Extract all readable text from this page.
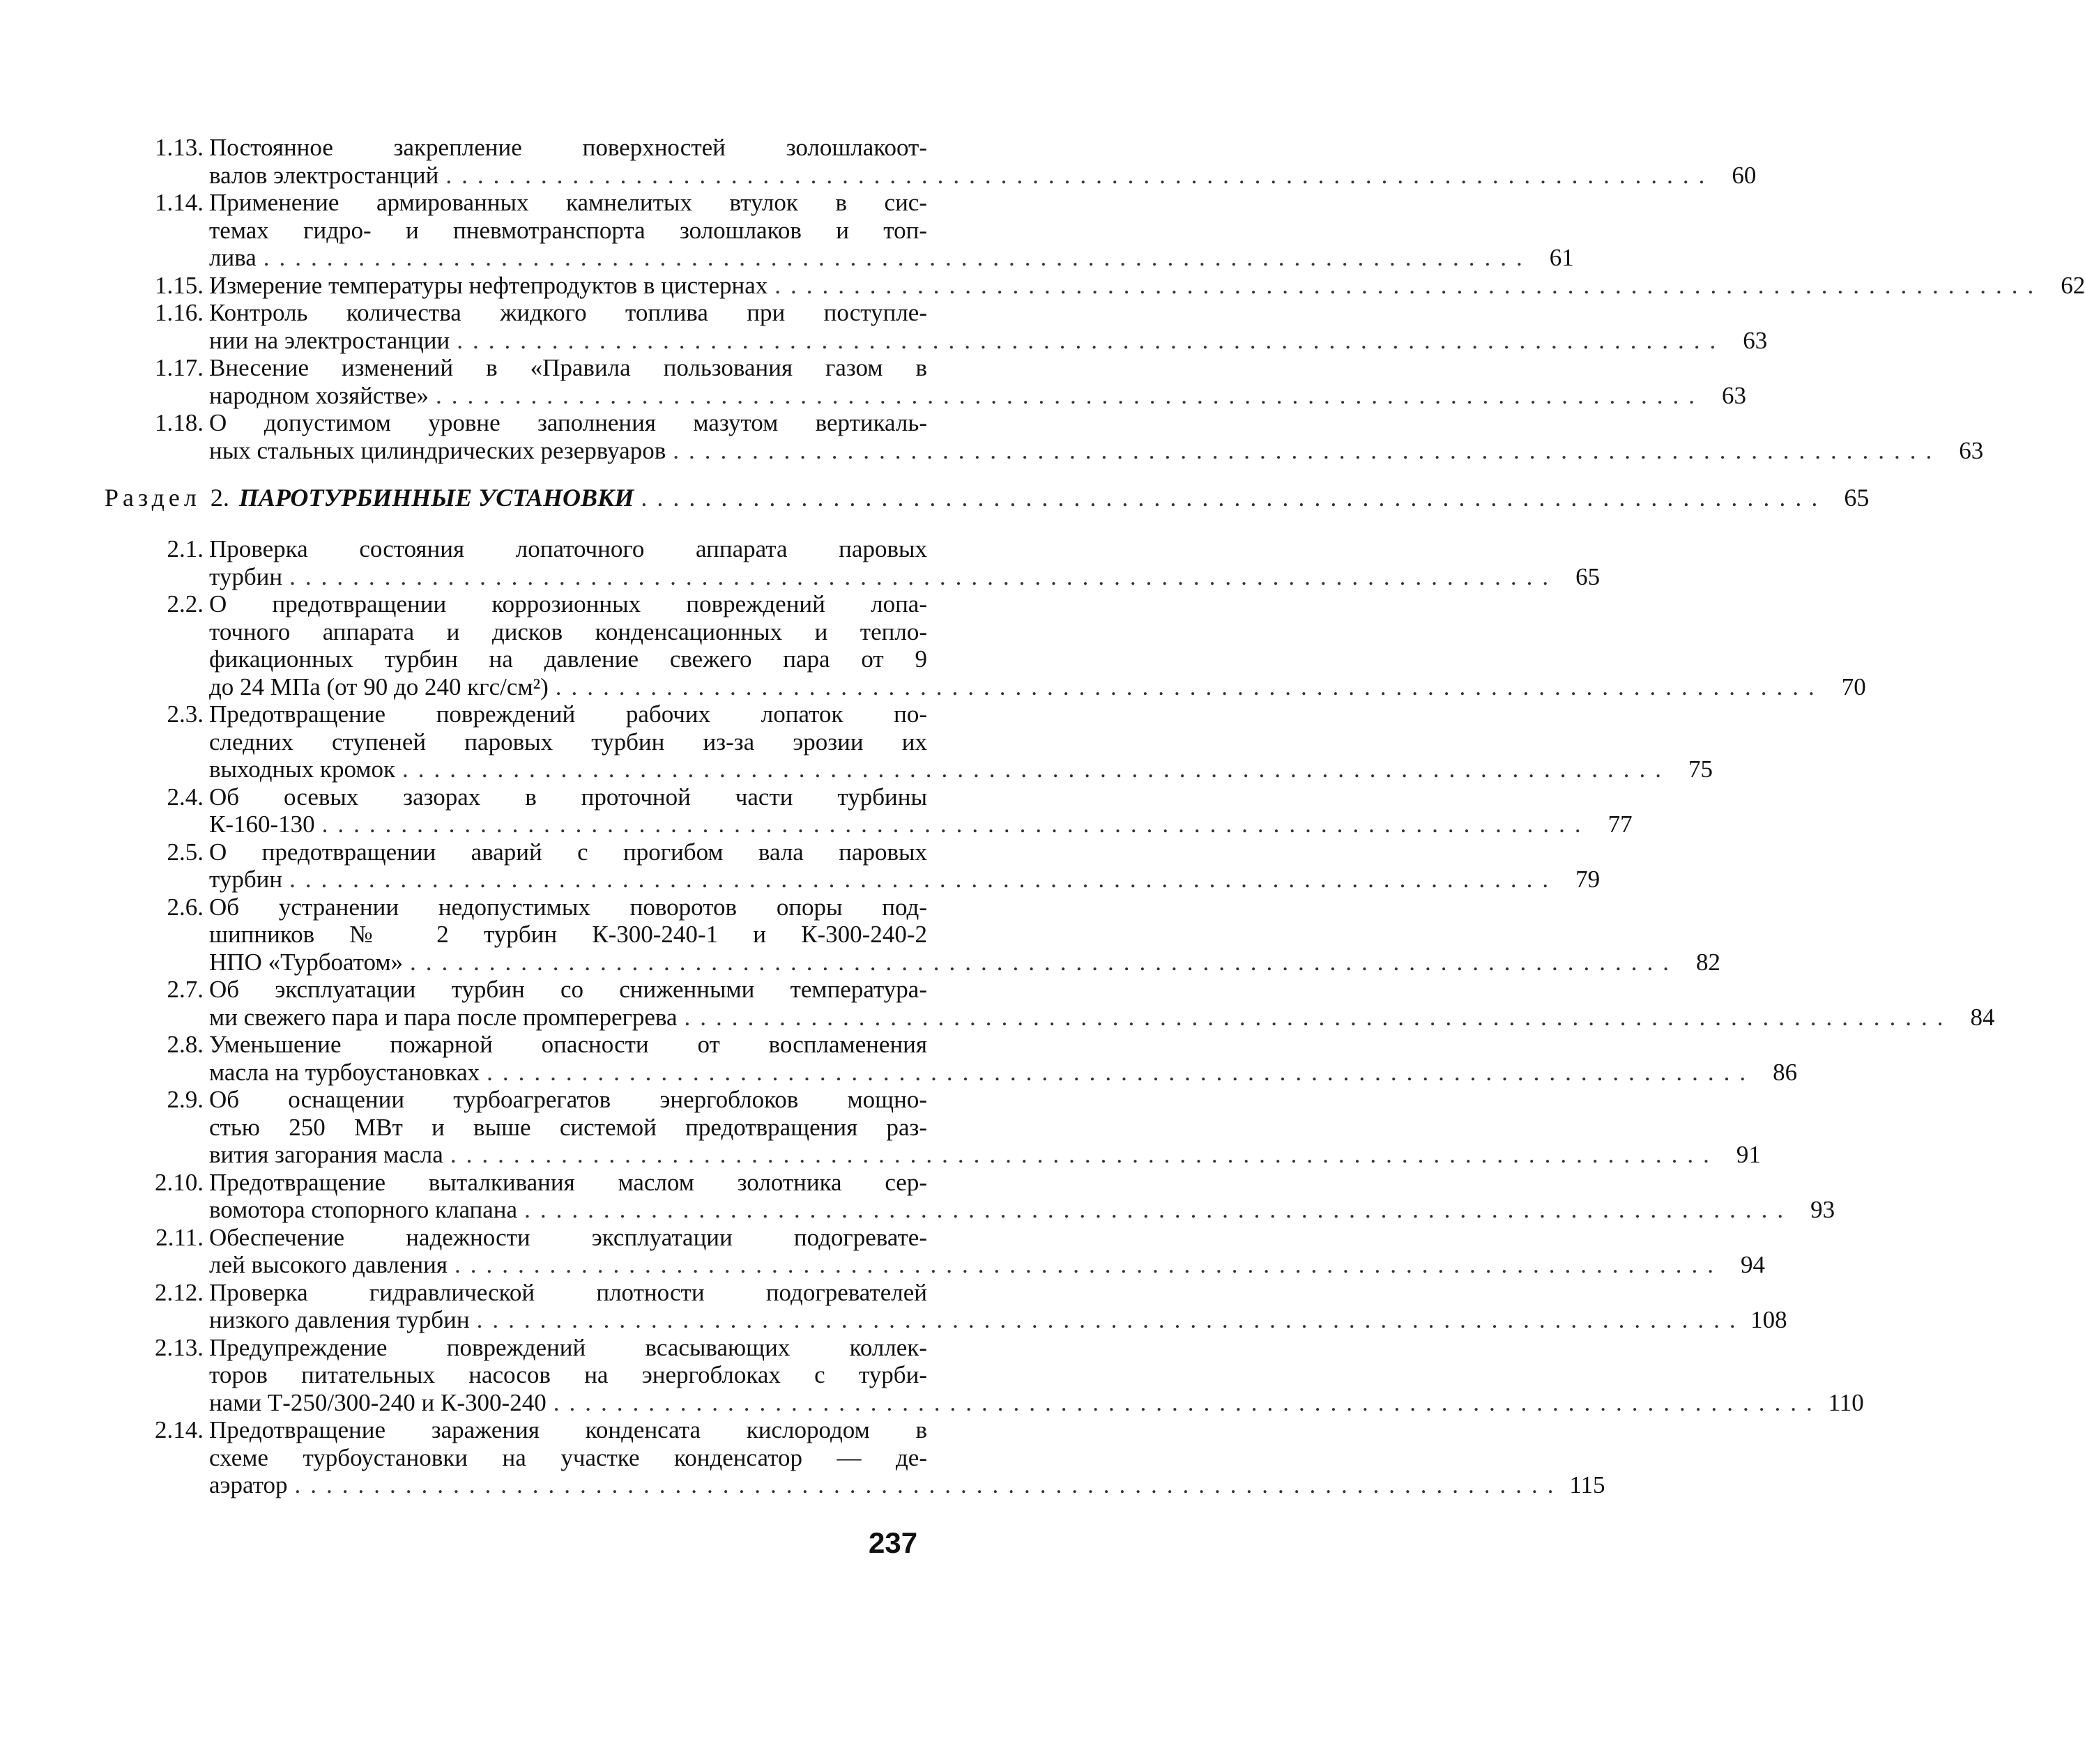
1.13. Постоянное закрепление поверхностей золошлакоот-
валов электростанций ................................................................................ 60
1.14. Применение армированных камнелитых втулок в сис-
темах гидро- и пневмотранспорта золошлаков и топ-
лива ................................................................................ 61
1.15. Измерение температуры нефтепродуктов в цистернах ................................................................................ 62
1.16. Контроль количества жидкого топлива при поступле-
нии на электростанции ................................................................................ 63
1.17. Внесение изменений в «Правила пользования газом в
народном хозяйстве» ................................................................................ 63
1.18. О допустимом уровне заполнения мазутом вертикаль-
ных стальных цилиндрических резервуаров ................................................................................ 63
Раздел 2. ПАРОТУРБИННЫЕ УСТАНОВКИ .......................................................................... 65
2.1. Проверка состояния лопаточного аппарата паровых
турбин ................................................................................ 65
2.2. О предотвращении коррозионных повреждений лопа-
точного аппарата и дисков конденсационных и тепло-
фикационных турбин на давление свежего пара от 9
до 24 МПа (от 90 до 240 кгс/см²) ................................................................................ 70
2.3. Предотвращение повреждений рабочих лопаток по-
следних ступеней паровых турбин из-за эрозии их
выходных кромок ................................................................................ 75
2.4. Об осевых зазорах в проточной части турбины
К-160-130 ................................................................................ 77
2.5. О предотвращении аварий с прогибом вала паровых
турбин ................................................................................ 79
2.6. Об устранении недопустимых поворотов опоры под-
шипников № 2 турбин К-300-240-1 и К-300-240-2
НПО «Турбоатом» ................................................................................ 82
2.7. Об эксплуатации турбин со сниженными температура-
ми свежего пара и пара после промперегрева ................................................................................ 84
2.8. Уменьшение пожарной опасности от воспламенения
масла на турбоустановках ................................................................................ 86
2.9. Об оснащении турбоагрегатов энергоблоков мощно-
стью 250 МВт и выше системой предотвращения раз-
вития загорания масла ................................................................................ 91
2.10. Предотвращение выталкивания маслом золотника сер-
вомотора стопорного клапана ................................................................................ 93
2.11. Обеспечение надежности эксплуатации подогревате-
лей высокого давления ................................................................................ 94
2.12. Проверка гидравлической плотности подогревателей
низкого давления турбин ................................................................................ 108
2.13. Предупреждение повреждений всасывающих коллек-
торов питательных насосов на энергоблоках с турби-
нами Т-250/300-240 и К-300-240 ................................................................................ 110
2.14. Предотвращение заражения конденсата кислородом в
схеме турбоустановки на участке конденсатор — де-
аэратор ................................................................................ 115
237
